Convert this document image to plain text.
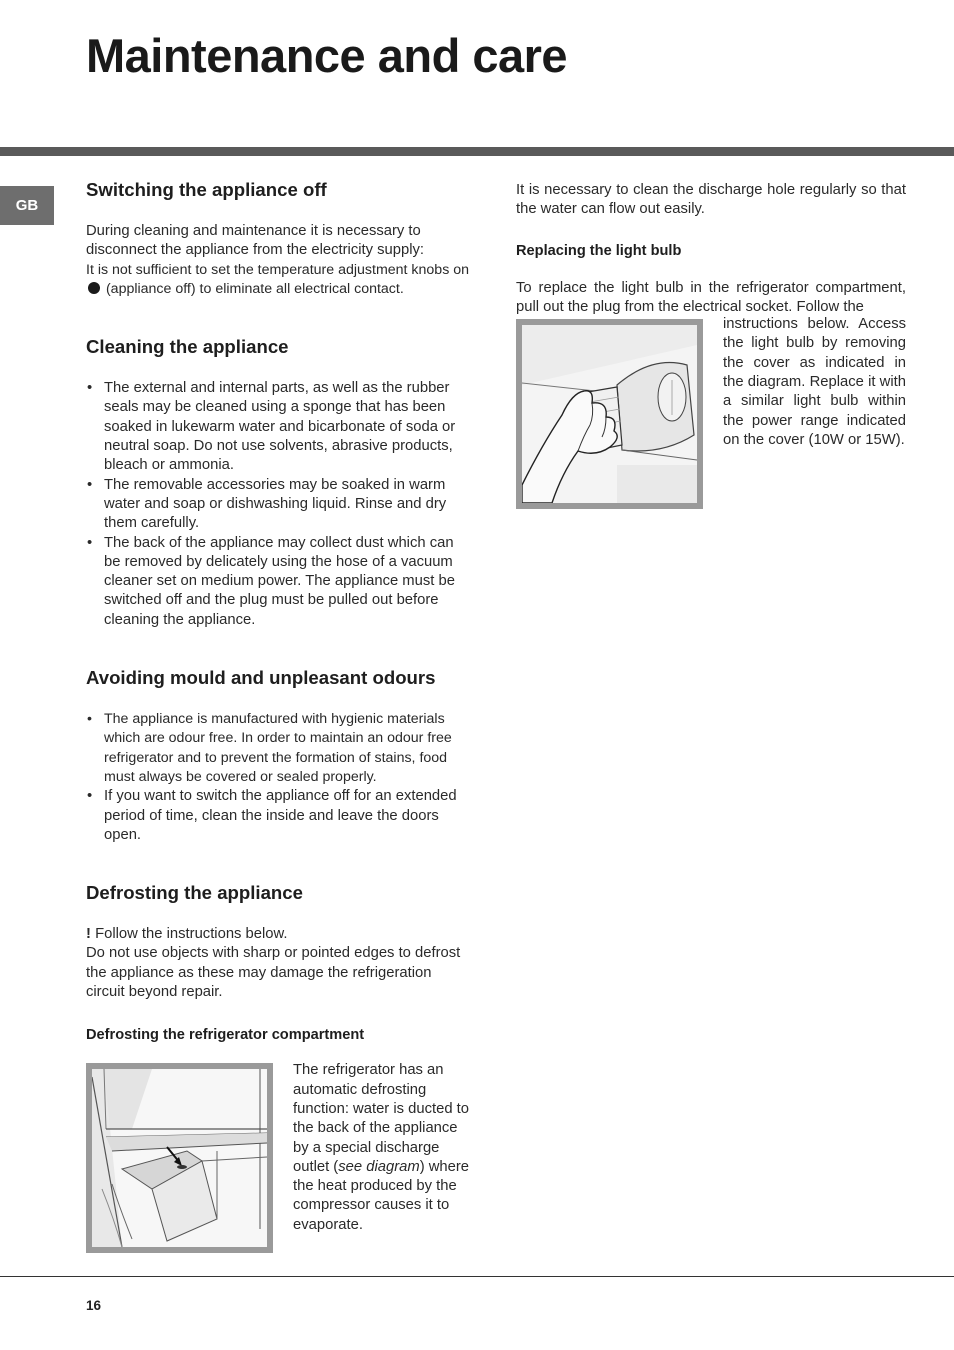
Maintenance and care
GB
Switching the appliance off

During cleaning and maintenance it is necessary to disconnect the appliance from the electricity supply:

It is not sufficient to set the temperature adjustment knobs on  (appliance off) to eliminate all electrical contact.

Cleaning the appliance
• The external and internal parts, as well as the rubber seals may be cleaned using a sponge that has been soaked in lukewarm water and bicarbonate of soda or neutral soap. Do not use solvents, abrasive products, bleach or ammonia.
• The removable accessories may be soaked in warm water and soap or dishwashing liquid. Rinse and dry them carefully.
• The back of the appliance may collect dust which can be removed by delicately using the hose of a vacuum cleaner set on medium power. The appliance must be switched off and the plug must be pulled out before cleaning the appliance.
Avoiding mould and unpleasant odours
• The appliance is manufactured with hygienic materials which are odour free. In order to maintain an odour free refrigerator and to prevent the formation of stains, food must always be covered or sealed properly.
• If you want to switch the appliance off for an extended period of time, clean the inside and leave the doors open.
Defrosting the appliance

! Follow the instructions below.

Do not use objects with sharp or pointed edges to defrost the appliance as these may damage the refrigeration circuit beyond repair.

Defrosting the refrigerator compartment
The refrigerator has an automatic defrosting function: water is ducted to the back of the appliance by a special discharge outlet (see diagram) where the heat produced by the compressor causes it to evaporate.

It is necessary to clean the discharge hole regularly so that the water can flow out easily.

Replacing the light bulb

To replace the light bulb in the refrigerator compartment, pull out the plug from the electrical socket. Follow the

instructions below. Access the light bulb by removing the cover as indicated in the diagram. Replace it with a similar light bulb within the power range indicated on the cover (10W or 15W).
16
